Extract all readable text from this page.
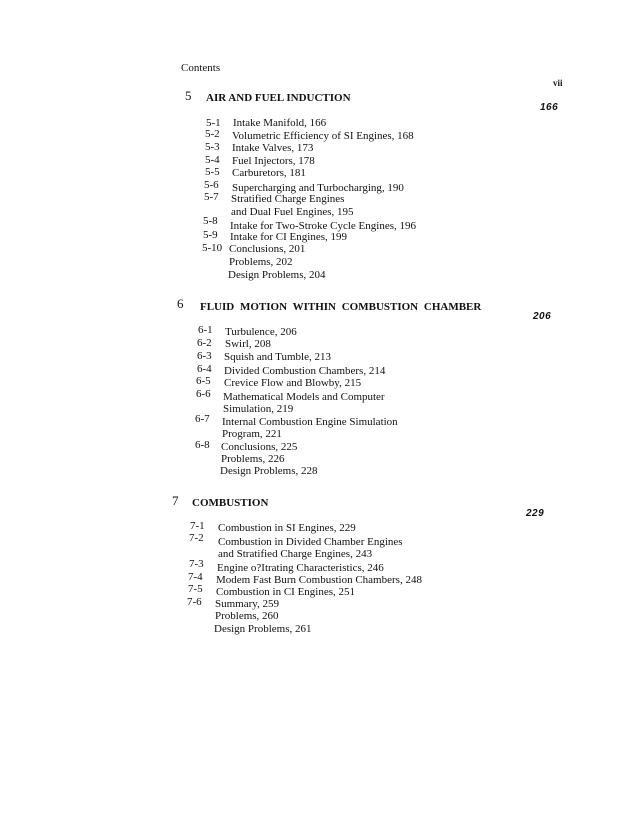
Contents
vii
5 AIR AND FUEL INDUCTION
166
5-1 Intake Manifold, 166
5-2 Volumetric Efficiency of SI Engines, 168
5-3 Intake Valves, 173
5-4 Fuel Injectors, 178
5-5 Carburetors, 181
5-6 Supercharging and Turbocharging, 190
5-7 Stratified Charge Engines
and Dual Fuel Engines, 195
5-8 Intake for Two-Stroke Cycle Engines, 196
5-9 Intake for CI Engines, 199
5-10 Conclusions, 201
Problems, 202
Design Problems, 204
6 FLUID MOTION WITHIN COMBUSTION CHAMBER
206
6-1 Turbulence, 206
6-2 Swirl, 208
6-3 Squish and Tumble, 213
6-4 Divided Combustion Chambers, 214
6-5 Crevice Flow and Blowby, 215
6-6 Mathematical Models and Computer
Simulation, 219
6-7 Internal Combustion Engine Simulation
Program, 221
6-8 Conclusions, 225
Problems, 226
Design Problems, 228
7 COMBUSTION
229
7-1 Combustion in SI Engines, 229
7-2 Combustion in Divided Chamber Engines
and Stratified Charge Engines, 243
7-3 Engine o?Itrating Characteristics, 246
7-4 Modem Fast Burn Combustion Chambers, 248
7-5 Combustion in CI Engines, 251
7-6 Summary, 259
Problems, 260
Design Problems, 261
